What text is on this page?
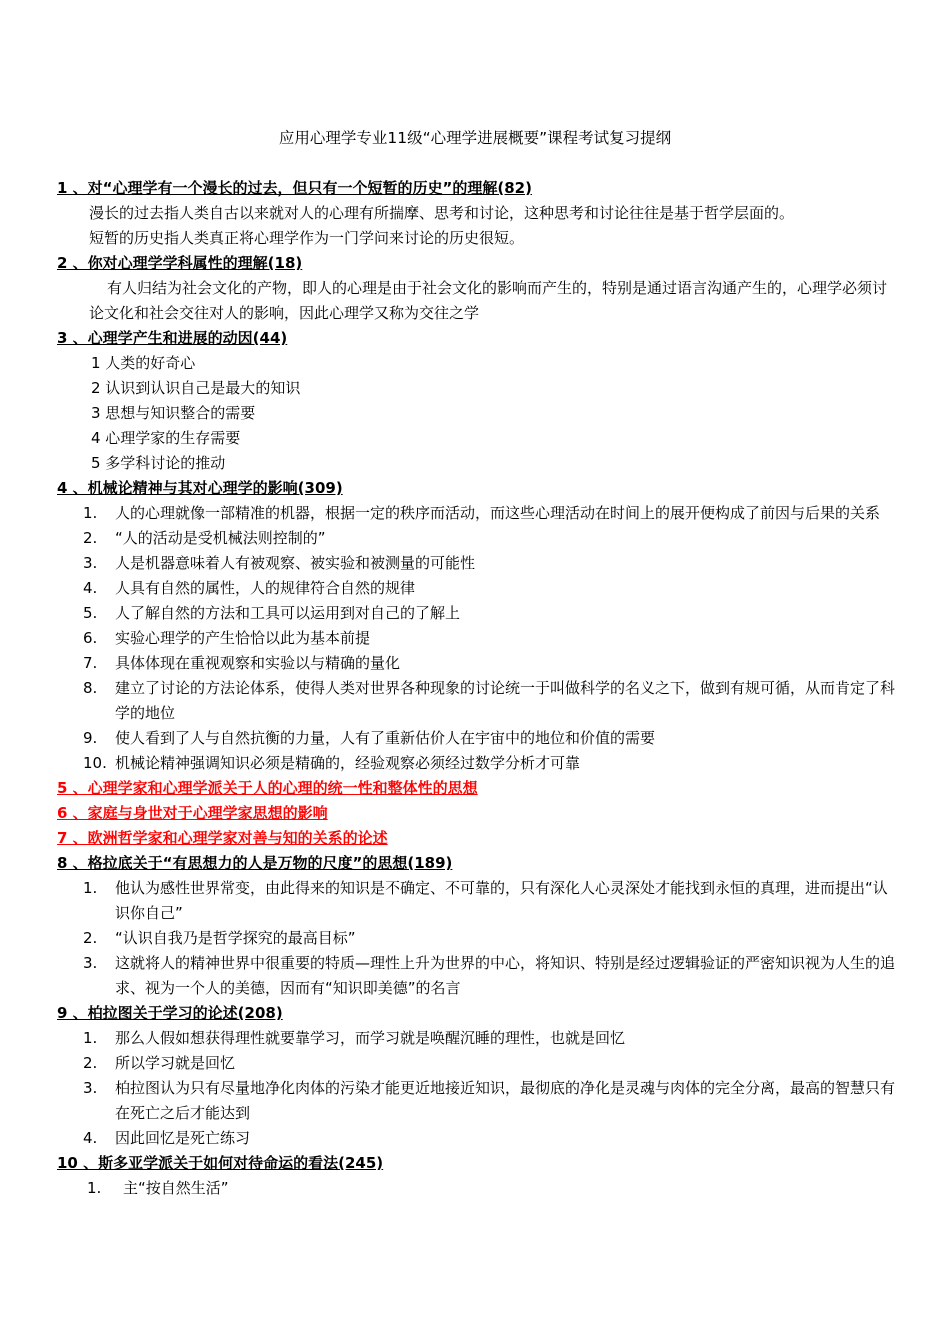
应用心理学专业11级“心理学进展概要”课程考试复习提纲
1 、对“心理学有一个漫长的过去，但只有一个短暂的历史”的理解(82)
漫长的过去指人类自古以来就对人的心理有所揣摩、思考和讨论，这种思考和讨论往往是基于哲学层面的。
短暂的历史指人类真正将心理学作为一门学问来讨论的历史很短。
2 、你对心理学学科属性的理解(18)
有人归结为社会文化的产物，即人的心理是由于社会文化的影响而产生的，特别是通过语言沟通产生的，心理学必须讨论文化和社会交往对人的影响，因此心理学又称为交往之学
3 、心理学产生和进展的动因(44)
1 人类的好奇心
2 认识到认识自己是最大的知识
3 思想与知识整合的需要
4 心理学家的生存需要
5 多学科讨论的推动
4 、机械论精神与其对心理学的影响(309)
1.	人的心理就像一部精准的机器，根据一定的秩序而活动，而这些心理活动在时间上的展开便构成了前因与后果的关系
2.	“人的活动是受机械法则控制的”
3.	人是机器意味着人有被观察、被实验和被测量的可能性
4.	人具有自然的属性，人的规律符合自然的规律
5.	人了解自然的方法和工具可以运用到对自己的了解上
6.	实验心理学的产生恰恰以此为基本前提
7.	具体体现在重视观察和实验以与精确的量化
8.	建立了讨论的方法论体系，使得人类对世界各种现象的讨论统一于叫做科学的名义之下，做到有规可循，从而肯定了科学的地位
9.	使人看到了人与自然抗衡的力量，人有了重新估价人在宇宙中的地位和价值的需要
10. 机械论精神强调知识必须是精确的，经验观察必须经过数学分析才可靠
5 、心理学家和心理学派关于人的心理的统一性和整体性的思想
6 、家庭与身世对于心理学家思想的影响
7 、欧洲哲学家和心理学家对善与知的关系的论述
8 、格拉底关于“有思想力的人是万物的尺度”的思想(189)
1.	他认为感性世界常变，由此得来的知识是不确定、不可靠的，只有深化人心灵深处才能找到永恒的真理，进而提出“认识你自己”
2.	“认识自我乃是哲学探究的最高目标”
3.	这就将人的精神世界中很重要的特质—理性上升为世界的中心，将知识、特别是经过逻辑验证的严密知识视为人生的追求、视为一个人的美德，因而有“知识即美德”的名言
9 、柏拉图关于学习的论述(208)
1.	那么人假如想获得理性就要靠学习，而学习就是唤醒沉睡的理性，也就是回忆
2.	所以学习就是回忆
3.	柏拉图认为只有尽量地净化肉体的污染才能更近地接近知识，最彻底的净化是灵魂与肉体的完全分离，最高的智慧只有在死亡之后才能达到
4.	因此回忆是死亡练习
10 、斯多亚学派关于如何对待命运的看法(245)
1.	主“按自然生活”
